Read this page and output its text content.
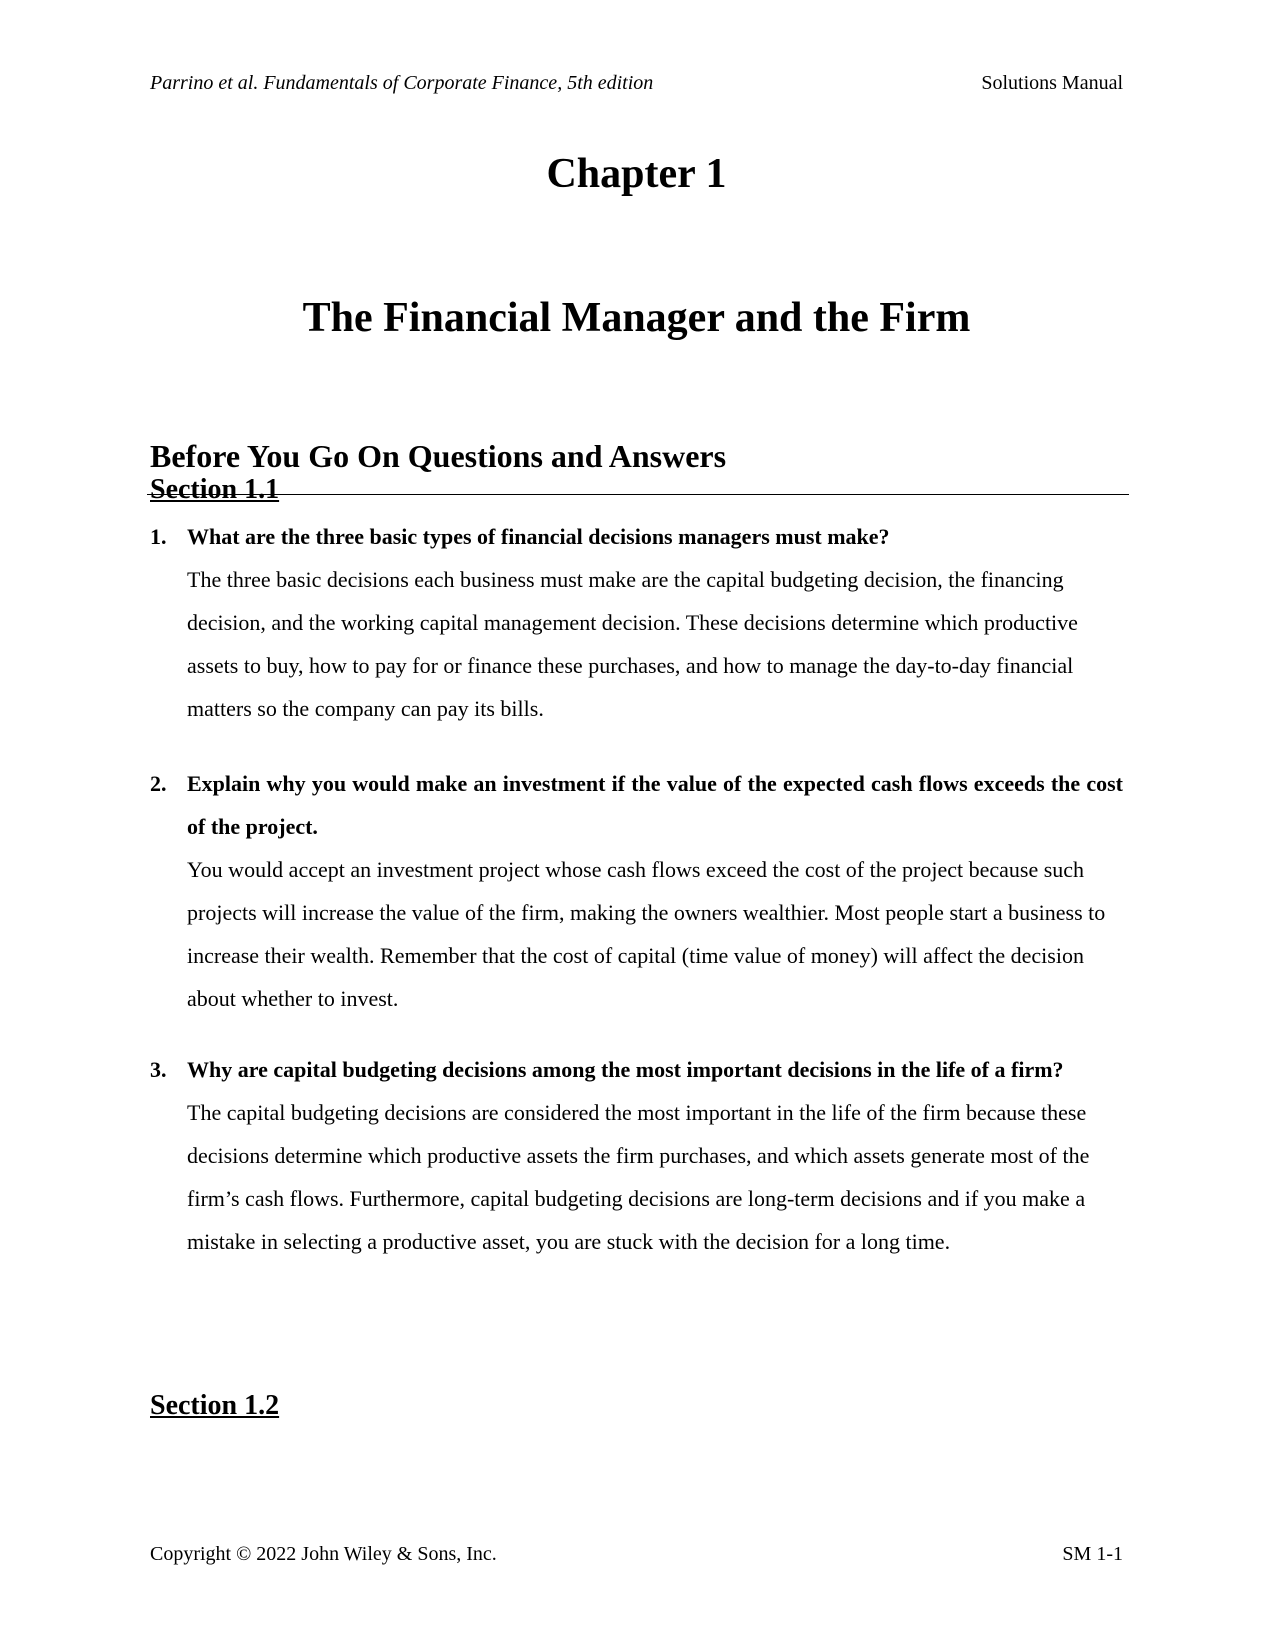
Parrino et al. Fundamentals of Corporate Finance, 5th edition	Solutions Manual
Chapter 1
The Financial Manager and the Firm
Before You Go On Questions and Answers
Section 1.1
1. What are the three basic types of financial decisions managers must make?
The three basic decisions each business must make are the capital budgeting decision, the financing decision, and the working capital management decision. These decisions determine which productive assets to buy, how to pay for or finance these purchases, and how to manage the day-to-day financial matters so the company can pay its bills.
2. Explain why you would make an investment if the value of the expected cash flows exceeds the cost of the project.
You would accept an investment project whose cash flows exceed the cost of the project because such projects will increase the value of the firm, making the owners wealthier. Most people start a business to increase their wealth. Remember that the cost of capital (time value of money) will affect the decision about whether to invest.
3. Why are capital budgeting decisions among the most important decisions in the life of a firm?
The capital budgeting decisions are considered the most important in the life of the firm because these decisions determine which productive assets the firm purchases, and which assets generate most of the firm’s cash flows. Furthermore, capital budgeting decisions are long-term decisions and if you make a mistake in selecting a productive asset, you are stuck with the decision for a long time.
Section 1.2
Copyright © 2022 John Wiley & Sons, Inc.	SM 1-1
